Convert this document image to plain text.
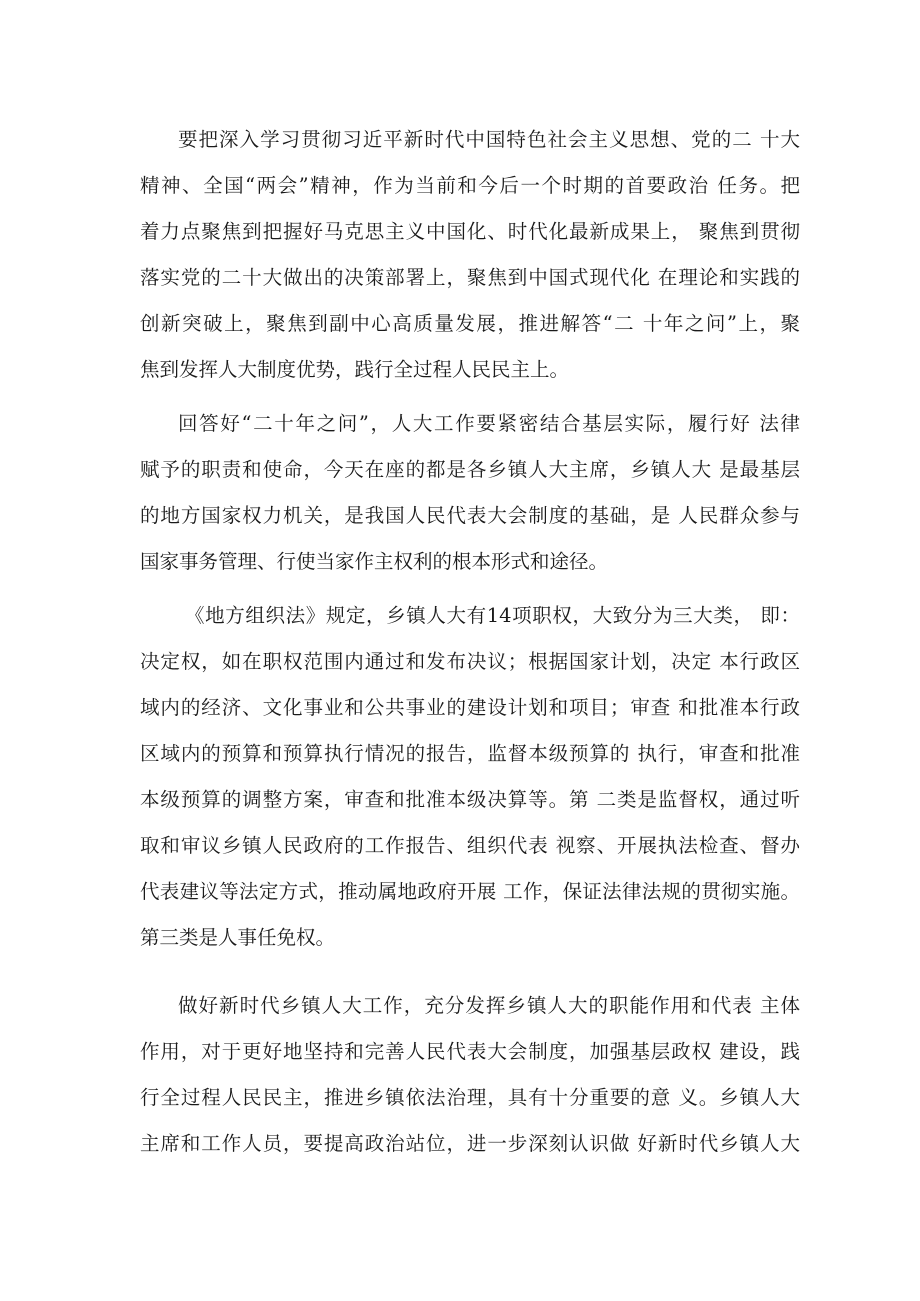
要把深入学习贯彻习近平新时代中国特色社会主义思想、党的二 十大
精神、全国“两会”精神，作为当前和今后一个时期的首要政治 任务。把
着力点聚焦到把握好马克思主义中国化、时代化最新成果上， 聚焦到贯彻
落实党的二十大做出的决策部署上，聚焦到中国式现代化 在理论和实践的
创新突破上，聚焦到副中心高质量发展，推进解答“二 十年之问”上，聚
焦到发挥人大制度优势，践行全过程人民民主上。
回答好“二十年之问”，人大工作要紧密结合基层实际，履行好 法律
赋予的职责和使命，今天在座的都是各乡镇人大主席，乡镇人大 是最基层
的地方国家权力机关，是我国人民代表大会制度的基础，是 人民群众参与
国家事务管理、行使当家作主权利的根本形式和途径。
《地方组织法》规定，乡镇人大有14项职权，大致分为三大类， 即：
决定权，如在职权范围内通过和发布决议；根据国家计划，决定 本行政区
域内的经济、文化事业和公共事业的建设计划和项目；审查 和批准本行政
区域内的预算和预算执行情况的报告，监督本级预算的 执行，审查和批准
本级预算的调整方案，审查和批准本级决算等。第 二类是监督权，通过听
取和审议乡镇人民政府的工作报告、组织代表 视察、开展执法检查、督办
代表建议等法定方式，推动属地政府开展 工作，保证法律法规的贯彻实施。
第三类是人事任免权。
做好新时代乡镇人大工作，充分发挥乡镇人大的职能作用和代表 主体
作用，对于更好地坚持和完善人民代表大会制度，加强基层政权 建设，践
行全过程人民民主，推进乡镇依法治理，具有十分重要的意 义。乡镇人大
主席和工作人员，要提高政治站位，进一步深刻认识做 好新时代乡镇人大
